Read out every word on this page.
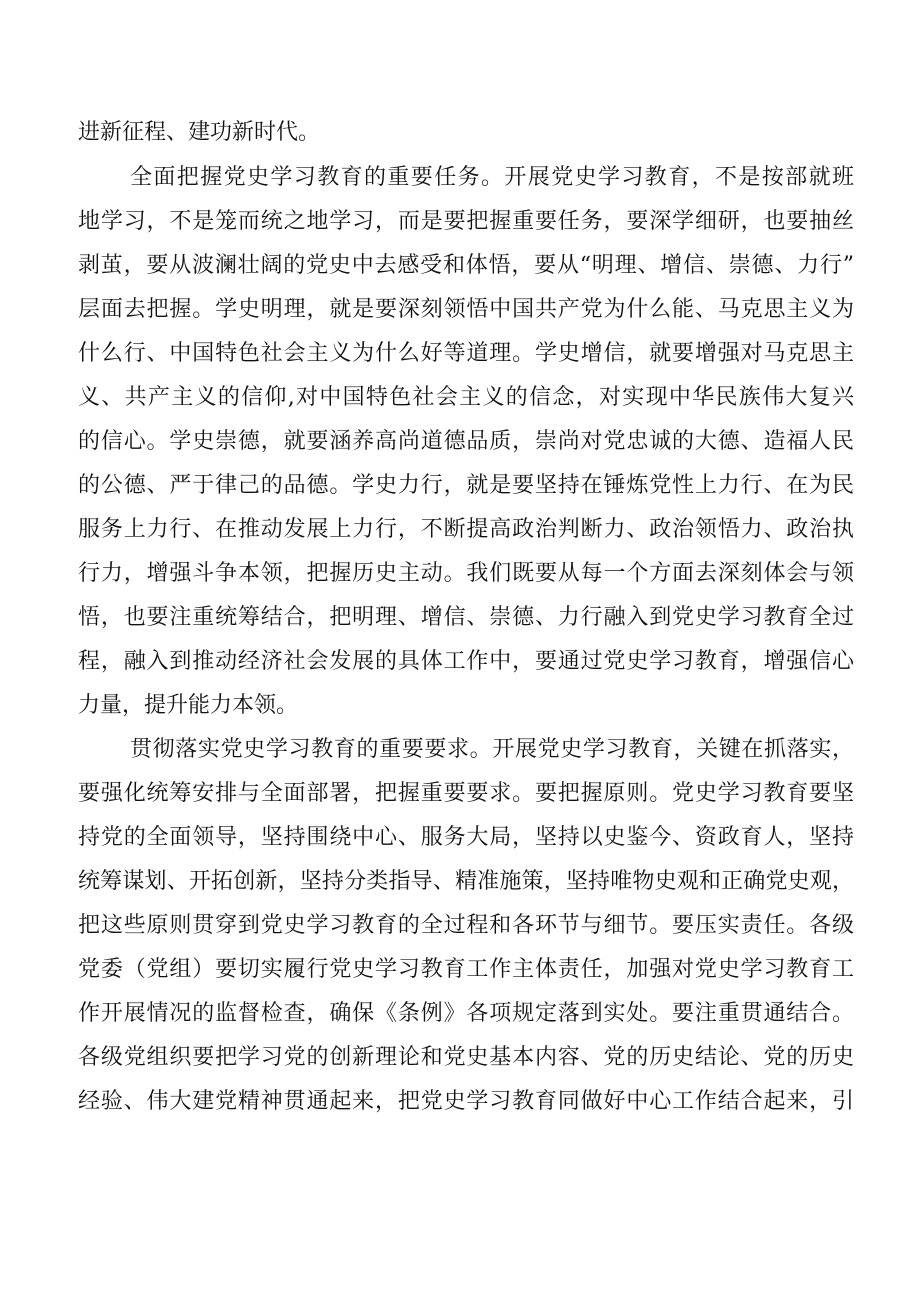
进新征程、建功新时代。
全面把握党史学习教育的重要任务。开展党史学习教育，不是按部就班
地学习，不是笼而统之地学习，而是要把握重要任务，要深学细研，也要抽丝
剥茧，要从波澜壮阔的党史中去感受和体悟，要从“明理、增信、崇德、力行”
层面去把握。学史明理，就是要深刻领悟中国共产党为什么能、马克思主义为
什么行、中国特色社会主义为什么好等道理。学史增信，就要增强对马克思主
义、共产主义的信仰,对中国特色社会主义的信念，对实现中华民族伟大复兴
的信心。学史崇德，就要涵养高尚道德品质，崇尚对党忠诚的大德、造福人民
的公德、严于律己的品德。学史力行，就是要坚持在锤炼党性上力行、在为民
服务上力行、在推动发展上力行，不断提高政治判断力、政治领悟力、政治执
行力，增强斗争本领，把握历史主动。我们既要从每一个方面去深刻体会与领
悟，也要注重统筹结合，把明理、增信、崇德、力行融入到党史学习教育全过
程，融入到推动经济社会发展的具体工作中，要通过党史学习教育，增强信心
力量，提升能力本领。
贯彻落实党史学习教育的重要要求。开展党史学习教育，关键在抓落实，
要强化统筹安排与全面部署，把握重要要求。要把握原则。党史学习教育要坚
持党的全面领导，坚持围绕中心、服务大局，坚持以史鉴今、资政育人，坚持
统筹谋划、开拓创新，坚持分类指导、精准施策，坚持唯物史观和正确党史观，
把这些原则贯穿到党史学习教育的全过程和各环节与细节。要压实责任。各级
党委（党组）要切实履行党史学习教育工作主体责任，加强对党史学习教育工
作开展情况的监督检查，确保《条例》各项规定落到实处。要注重贯通结合。
各级党组织要把学习党的创新理论和党史基本内容、党的历史结论、党的历史
经验、伟大建党精神贯通起来，把党史学习教育同做好中心工作结合起来，引
